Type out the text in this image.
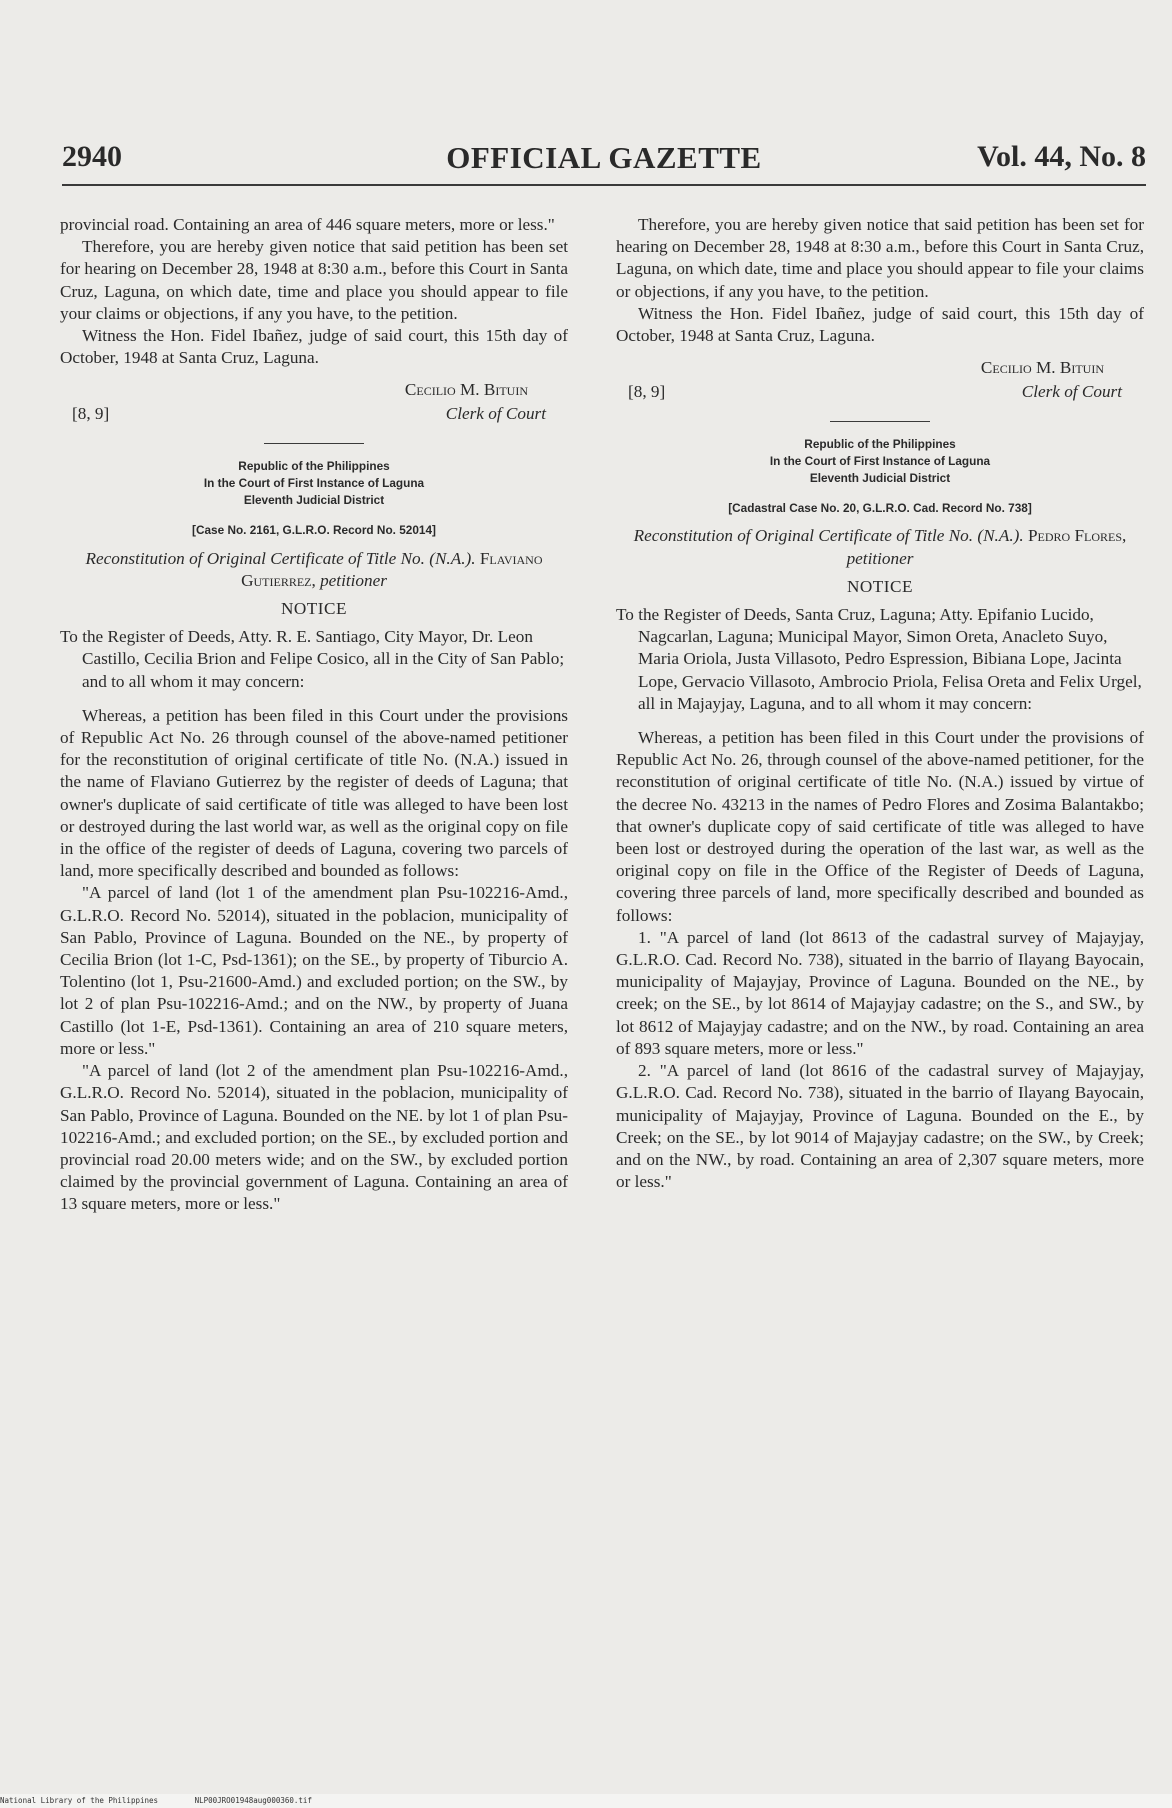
2940	OFFICIAL GAZETTE	Vol. 44, No. 8

provincial road. Containing an area of 446 square meters, more or less."

Therefore, you are hereby given notice that said petition has been set for hearing on December 28, 1948 at 8:30 a.m., before this Court in Santa Cruz, Laguna, on which date, time and place you should appear to file your claims or objections, if any you have, to the petition.

Witness the Hon. Fidel Ibañez, judge of said court, this 15th day of October, 1948 at Santa Cruz, Laguna.

Cecilio M. Bituin
[8, 9]	Clerk of Court
Republic of the Philippines
In the Court of First Instance of Laguna
Eleventh Judicial District
[Case No. 2161, G.L.R.O. Record No. 52014]
Reconstitution of Original Certificate of Title No. (N.A.). Flaviano Gutierrez, petitioner
NOTICE

To the Register of Deeds, Atty. R. E. Santiago, City Mayor, Dr. Leon Castillo, Cecilia Brion and Felipe Cosico, all in the City of San Pablo; and to all whom it may concern:

Whereas, a petition has been filed in this Court under the provisions of Republic Act No. 26 through counsel of the above-named petitioner for the reconstitution of original certificate of title No. (N.A.) issued in the name of Flaviano Gutierrez by the register of deeds of Laguna; that owner's duplicate of said certificate of title was alleged to have been lost or destroyed during the last world war, as well as the original copy on file in the office of the register of deeds of Laguna, covering two parcels of land, more specifically described and bounded as follows:

"A parcel of land (lot 1 of the amendment plan Psu-102216-Amd., G.L.R.O. Record No. 52014), situated in the poblacion, municipality of San Pablo, Province of Laguna. Bounded on the NE., by property of Cecilia Brion (lot 1-C, Psd-1361); on the SE., by property of Tiburcio A. Tolentino (lot 1, Psu-21600-Amd.) and excluded portion; on the SW., by lot 2 of plan Psu-102216-Amd.; and on the NW., by property of Juana Castillo (lot 1-E, Psd-1361). Containing an area of 210 square meters, more or less."

"A parcel of land (lot 2 of the amendment plan Psu-102216-Amd., G.L.R.O. Record No. 52014), situated in the poblacion, municipality of San Pablo, Province of Laguna. Bounded on the NE. by lot 1 of plan Psu-102216-Amd.; and excluded portion; on the SE., by excluded portion and provincial road 20.00 meters wide; and on the SW., by excluded portion claimed by the provincial government of Laguna. Containing an area of 13 square meters, more or less."

Therefore, you are hereby given notice that said petition has been set for hearing on December 28, 1948 at 8:30 a.m., before this Court in Santa Cruz, Laguna, on which date, time and place you should appear to file your claims or objections, if any you have, to the petition.

Witness the Hon. Fidel Ibañez, judge of said court, this 15th day of October, 1948 at Santa Cruz, Laguna.

Cecilio M. Bituin
[8, 9]	Clerk of Court
Republic of the Philippines
In the Court of First Instance of Laguna
Eleventh Judicial District
[Cadastral Case No. 20, G.L.R.O. Cad. Record No. 738]
Reconstitution of Original Certificate of Title No. (N.A.). Pedro Flores, petitioner
NOTICE

To the Register of Deeds, Santa Cruz, Laguna; Atty. Epifanio Lucido, Nagcarlan, Laguna; Municipal Mayor, Simon Oreta, Anacleto Suyo, Maria Oriola, Justa Villasoto, Pedro Espression, Bibiana Lope, Jacinta Lope, Gervacio Villasoto, Ambrocio Priola, Felisa Oreta and Felix Urgel, all in Majayjay, Laguna, and to all whom it may concern:

Whereas, a petition has been filed in this Court under the provisions of Republic Act No. 26, through counsel of the above-named petitioner, for the reconstitution of original certificate of title No. (N.A.) issued by virtue of the decree No. 43213 in the names of Pedro Flores and Zosima Balantakbo; that owner's duplicate copy of said certificate of title was alleged to have been lost or destroyed during the operation of the last war, as well as the original copy on file in the Office of the Register of Deeds of Laguna, covering three parcels of land, more specifically described and bounded as follows:

1. "A parcel of land (lot 8613 of the cadastral survey of Majayjay, G.L.R.O. Cad. Record No. 738), situated in the barrio of Ilayang Bayocain, municipality of Majayjay, Province of Laguna. Bounded on the NE., by creek; on the SE., by lot 8614 of Majayjay cadastre; on the S., and SW., by lot 8612 of Majayjay cadastre; and on the NW., by road. Containing an area of 893 square meters, more or less."

2. "A parcel of land (lot 8616 of the cadastral survey of Majayjay, G.L.R.O. Cad. Record No. 738), situated in the barrio of Ilayang Bayocain, municipality of Majayjay, Province of Laguna. Bounded on the E., by Creek; on the SE., by lot 9014 of Majayjay cadastre; on the SW., by Creek; and on the NW., by road. Containing an area of 2,307 square meters, more or less."

National Library of the Philippines	NLP00JRO01948aug000360.tif
